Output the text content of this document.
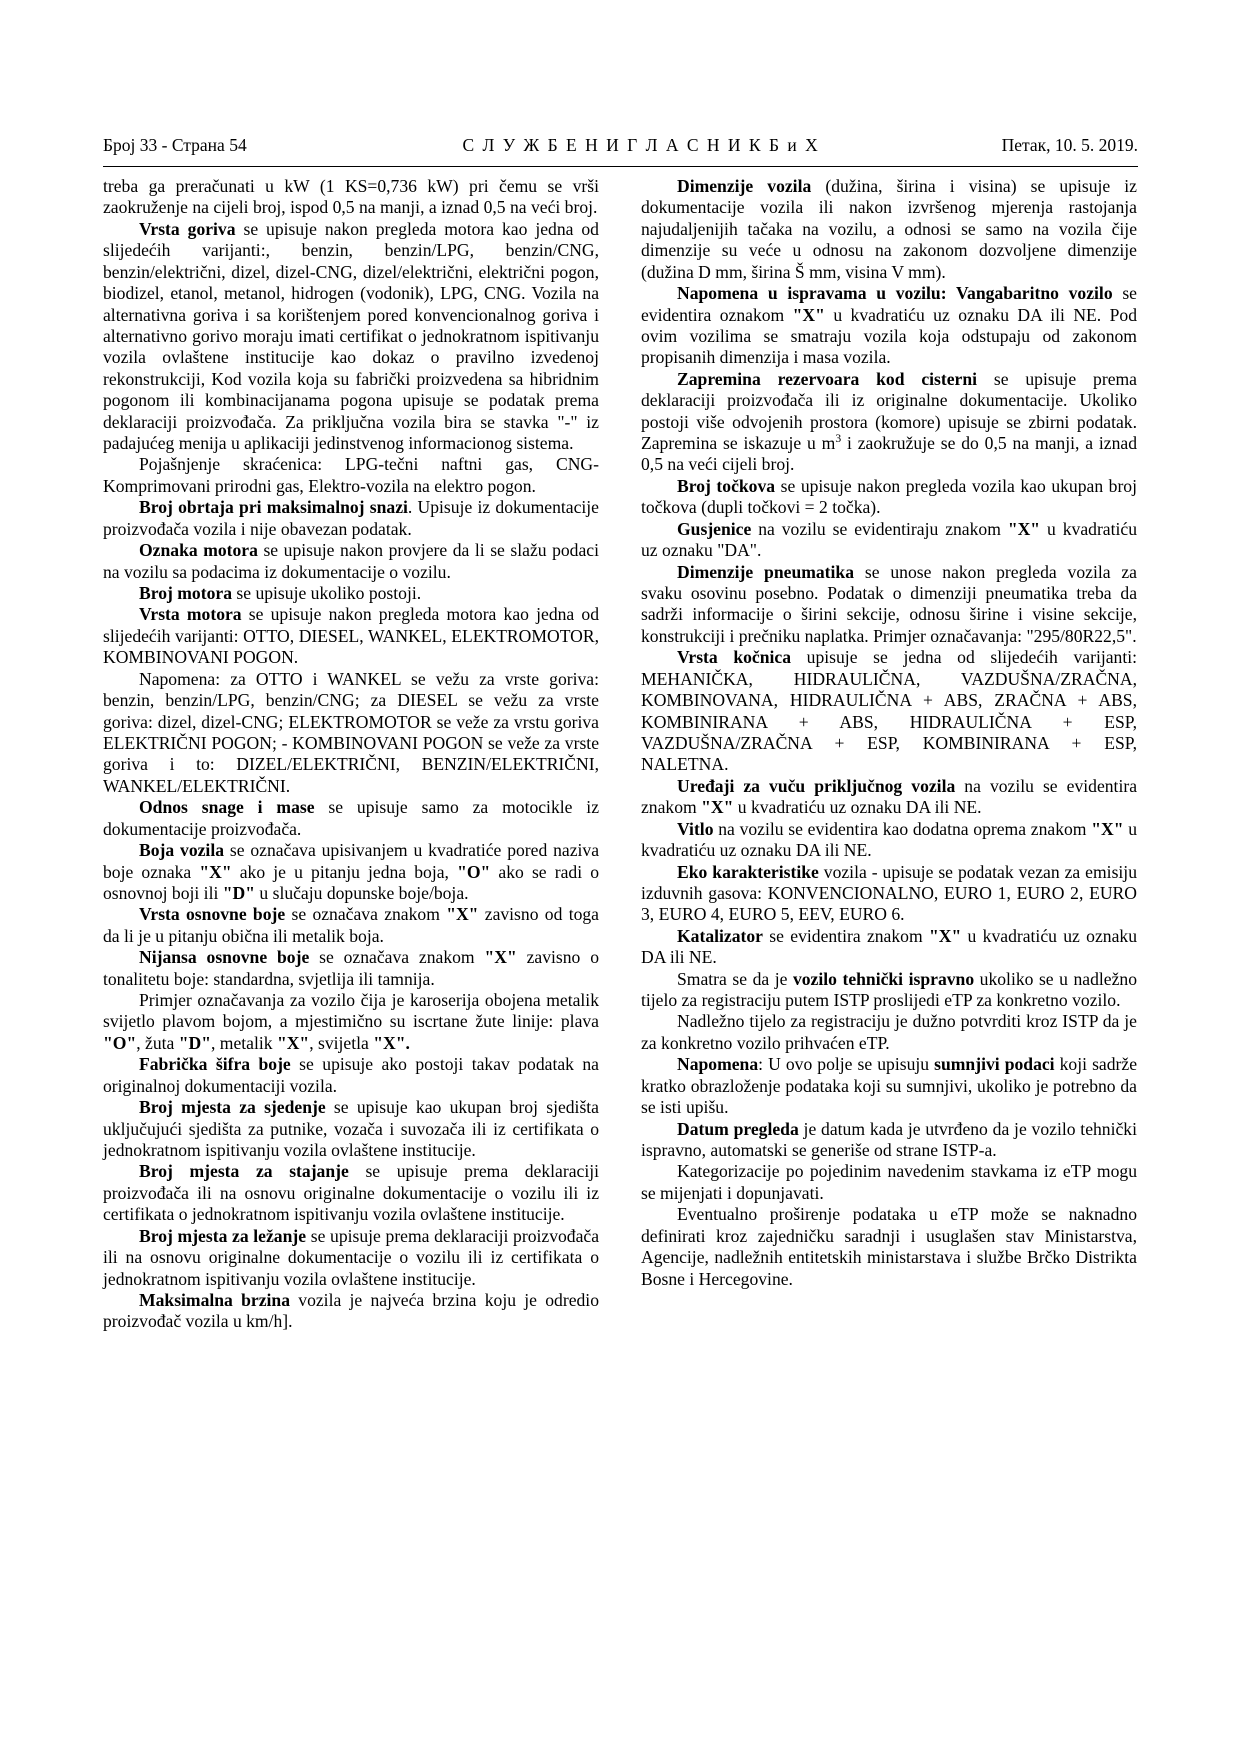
Број 33 - Страна 54	С Л У Ж Б Е Н И Г Л А С Н И К Б и Х	Петак, 10. 5. 2019.

treba ga preračunati u kW (1 KS=0,736 kW) pri čemu se vrši zaokruženje na cijeli broj, ispod 0,5 na manji, a iznad 0,5 na veći broj.

Vrsta goriva se upisuje nakon pregleda motora kao jedna od slijedećih varijanti:, benzin, benzin/LPG, benzin/CNG, benzin/električni, dizel, dizel-CNG, dizel/električni, električni pogon, biodizel, etanol, metanol, hidrogen (vodonik), LPG, CNG. Vozila na alternativna goriva i sa korištenjem pored konvencionalnog goriva i alternativno gorivo moraju imati certifikat o jednokratnom ispitivanju vozila ovlaštene institucije kao dokaz o pravilno izvedenoj rekonstrukciji, Kod vozila koja su fabrički proizvedena sa hibridnim pogonom ili kombinacijanama pogona upisuje se podatak prema deklaraciji proizvođača. Za priključna vozila bira se stavka "-" iz padajućeg menija u aplikaciji jedinstvenog informacionog sistema.

Pojašnjenje skraćenica: LPG-tečni naftni gas, CNG-Komprimovani prirodni gas, Elektro-vozila na elektro pogon.

Broj obrtaja pri maksimalnoj snazi. Upisuje iz dokumentacije proizvođača vozila i nije obavezan podatak.

Oznaka motora se upisuje nakon provjere da li se slažu podaci na vozilu sa podacima iz dokumentacije o vozilu.

Broj motora se upisuje ukoliko postoji.

Vrsta motora se upisuje nakon pregleda motora kao jedna od slijedećih varijanti: OTTO, DIESEL, WANKEL, ELEKTROMOTOR, KOMBINOVANI POGON.

Napomena: za OTTO i WANKEL se vežu za vrste goriva: benzin, benzin/LPG, benzin/CNG; za DIESEL se vežu za vrste goriva: dizel, dizel-CNG; ELEKTROMOTOR se veže za vrstu goriva ELEKTRIČNI POGON; - KOMBINOVANI POGON se veže za vrste goriva i to: DIZEL/ELEKTRIČNI, BENZIN/ELEKTRIČNI, WANKEL/ELEKTRIČNI.

Odnos snage i mase se upisuje samo za motocikle iz dokumentacije proizvođača.

Boja vozila se označava upisivanjem u kvadratiće pored naziva boje oznaka "X" ako je u pitanju jedna boja, "O" ako se radi o osnovnoj boji ili "D" u slučaju dopunske boje/boja.

Vrsta osnovne boje se označava znakom "X" zavisno od toga da li je u pitanju obična ili metalik boja.

Nijansa osnovne boje se označava znakom "X" zavisno o tonalitetu boje: standardna, svjetlija ili tamnija.

Primjer označavanja za vozilo čija je karoserija obojena metalik svijetlo plavom bojom, a mjestimično su iscrtane žute linije: plava "O", žuta "D", metalik "X", svijetla "X".

Fabrička šifra boje se upisuje ako postoji takav podatak na originalnoj dokumentaciji vozila.

Broj mjesta za sjedenje se upisuje kao ukupan broj sjedišta uključujući sjedišta za putnike, vozača i suvozača ili iz certifikata o jednokratnom ispitivanju vozila ovlaštene institucije.

Broj mjesta za stajanje se upisuje prema deklaraciji proizvođača ili na osnovu originalne dokumentacije o vozilu ili iz certifikata o jednokratnom ispitivanju vozila ovlaštene institucije.

Broj mjesta za ležanje se upisuje prema deklaraciji proizvođača ili na osnovu originalne dokumentacije o vozilu ili iz certifikata o jednokratnom ispitivanju vozila ovlaštene institucije.

Maksimalna brzina vozila je najveća brzina koju je odredio proizvođač vozila u km/h].

Dimenzije vozila (dužina, širina i visina) se upisuje iz dokumentacije vozila ili nakon izvršenog mjerenja rastojanja najudaljenijih tačaka na vozilu, a odnosi se samo na vozila čije dimenzije su veće u odnosu na zakonom dozvoljene dimenzije (dužina D mm, širina Š mm, visina V mm).

Napomena u ispravama u vozilu: Vangabaritno vozilo se evidentira oznakom "X" u kvadratiću uz oznaku DA ili NE. Pod ovim vozilima se smatraju vozila koja odstupaju od zakonom propisanih dimenzija i masa vozila.

Zapremina rezervoara kod cisterni se upisuje prema deklaraciji proizvođača ili iz originalne dokumentacije. Ukoliko postoji više odvojenih prostora (komore) upisuje se zbirni podatak. Zapremina se iskazuje u $m^3$ i zaokružuje se do 0,5 na manji, a iznad 0,5 na veći cijeli broj.

Broj točkova se upisuje nakon pregleda vozila kao ukupan broj točkova (dupli točkovi = 2 točka).

Gusjenice na vozilu se evidentiraju znakom "X" u kvadratiću uz oznaku "DA".

Dimenzije pneumatika se unose nakon pregleda vozila za svaku osovinu posebno. Podatak o dimenziji pneumatika treba da sadrži informacije o širini sekcije, odnosu širine i visine sekcije, konstrukciji i prečniku naplatka. Primjer označavanja: "295/80R22,5".

Vrsta kočnica upisuje se jedna od slijedećih varijanti: MEHANIČKA, HIDRAULIČNA, VAZDUŠNA/ZRAČNA, KOMBINOVANA, HIDRAULIČNA + ABS, ZRAČNA + ABS, KOMBINIRANA + ABS, HIDRAULIČNA + ESP, VAZDUŠNA/ZRAČNA + ESP, KOMBINIRANA + ESP, NALETNA.

Uređaji za vuču priključnog vozila na vozilu se evidentira znakom "X" u kvadratiću uz oznaku DA ili NE.

Vitlo na vozilu se evidentira kao dodatna oprema znakom "X" u kvadratiću uz oznaku DA ili NE.

Eko karakteristike vozila - upisuje se podatak vezan za emisiju izduvnih gasova: KONVENCIONALNO, EURO 1, EURO 2, EURO 3, EURO 4, EURO 5, EEV, EURO 6.

Katalizator se evidentira znakom "X" u kvadratiću uz oznaku DA ili NE.

Smatra se da je vozilo tehnički ispravno ukoliko se u nadležno tijelo za registraciju putem ISTP proslijedi eTP za konkretno vozilo.

Nadležno tijelo za registraciju je dužno potvrditi kroz ISTP da je za konkretno vozilo prihvaćen eTP.

Napomena: U ovo polje se upisuju sumnjivi podaci koji sadrže kratko obrazloženje podataka koji su sumnjivi, ukoliko je potrebno da se isti upišu.

Datum pregleda je datum kada je utvrđeno da je vozilo tehnički ispravno, automatski se generiše od strane ISTP-a.

Kategorizacije po pojedinim navedenim stavkama iz eTP mogu se mijenjati i dopunjavati.

Eventualno proširenje podataka u eTP može se naknadno definirati kroz zajedničku saradnji i usuglašen stav Ministarstva, Agencije, nadležnih entitetskih ministarstava i službe Brčko Distrikta Bosne i Hercegovine.
